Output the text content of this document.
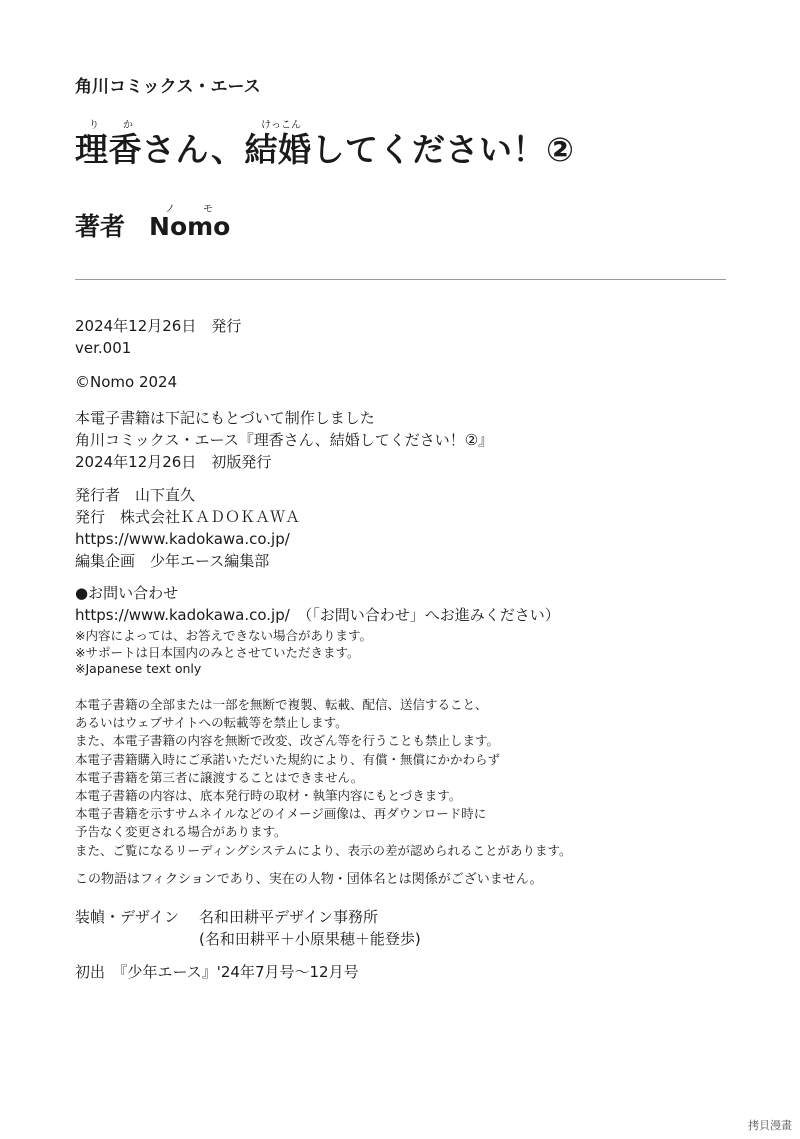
角川コミックス・エース
り か	けっこん
理香さん、結婚してください！②
ノ	モ
著者 Nomo
2024年12月26日　発行
ver.001
©Nomo 2024
本電子書籍は下記にもとづいて制作しました
角川コミックス・エース『理香さん、結婚してください！②』
2024年12月26日　初版発行
発行者　山下直久
発行　株式会社ＫＡＤＯＫＡＷＡ
https://www.kadokawa.co.jp/
編集企画　少年エース編集部
●お問い合わせ
https://www.kadokawa.co.jp/　（「お問い合わせ」へお進みください）
※内容によっては、お答えできない場合があります。
※サポートは日本国内のみとさせていただきます。
※Japanese text only
本電子書籍の全部または一部を無断で複製、転載、配信、送信すること、
あるいはウェブサイトへの転載等を禁止します。
また、本電子書籍の内容を無断で改変、改ざん等を行うことも禁止します。
本電子書籍購入時にご承諾いただいた規約により、有償・無償にかかわらず
本電子書籍を第三者に譲渡することはできません。
本電子書籍の内容は、底本発行時の取材・執筆内容にもとづきます。
本電子書籍を示すサムネイルなどのイメージ画像は、再ダウンロード時に
予告なく変更される場合があります。
また、ご覧になるリーディングシステムにより、表示の差が認められることがあります。
この物語はフィクションであり、実在の人物・団体名とは関係がございません。
装幀・デザイン	名和田耕平デザイン事務所
(名和田耕平＋小原果穂＋能登歩)
初出　『少年エース』'24年7月号〜12月号
拷貝漫畫
